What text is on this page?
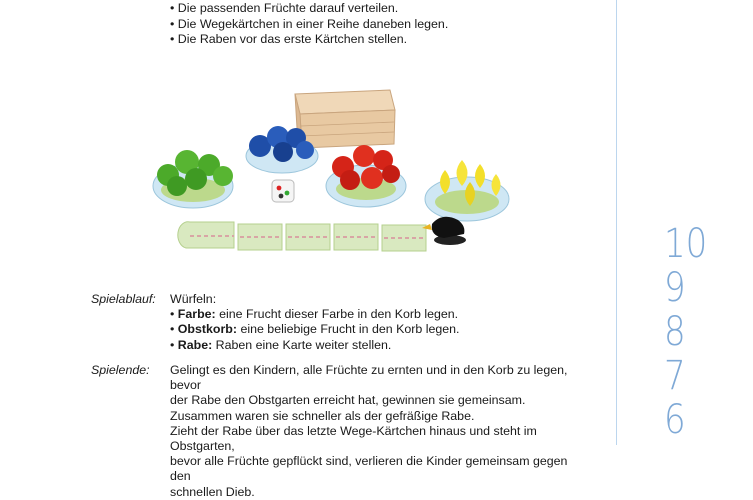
• Die passenden Früchte darauf verteilen.
• Die Wegekärtchen in einer Reihe daneben legen.
• Die Raben vor das erste Kärtchen stellen.
Spielablauf:	Würfeln:
• Farbe: eine Frucht dieser Farbe in den Korb legen.
• Obstkorb: eine beliebige Frucht in den Korb legen.
• Rabe: Raben eine Karte weiter stellen.
Spielende:	Gelingt es den Kindern, alle Früchte zu ernten und in den Korb zu legen, bevor
der Rabe den Obstgarten erreicht hat, gewinnen sie gemeinsam.
Zusammen waren sie schneller als der gefräßige Rabe.
Zieht der Rabe über das letzte Wege-Kärtchen hinaus und steht im Obstgarten,
bevor alle Früchte gepflückt sind, verlieren die Kinder gemeinsam gegen den
schnellen Dieb.
10
9
8
7
6
